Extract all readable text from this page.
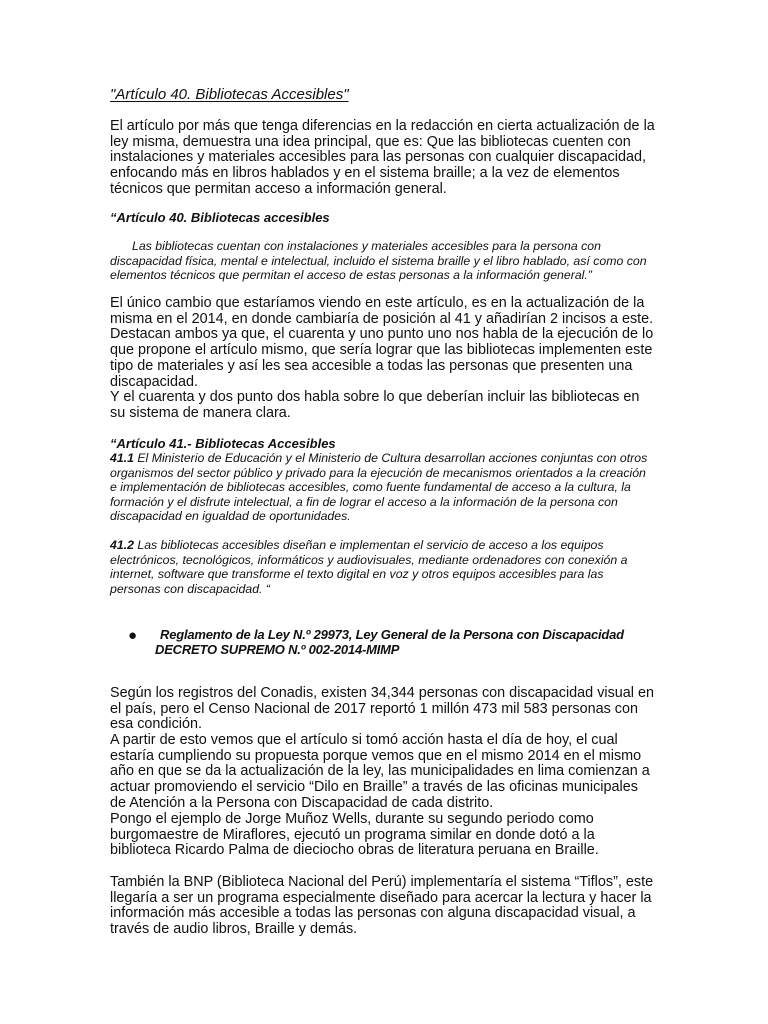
"Artículo 40. Bibliotecas Accesibles"

El artículo por más que tenga diferencias en la redacción en cierta actualización de la ley misma, demuestra una idea principal, que es: Que las bibliotecas cuenten con instalaciones y materiales accesibles para las personas con cualquier discapacidad, enfocando más en libros hablados y en el sistema braille; a la vez de elementos técnicos que permitan acceso a información general.

“Artículo 40. Bibliotecas accesibles

Las bibliotecas cuentan con instalaciones y materiales accesibles para la persona con discapacidad física, mental e intelectual, incluido el sistema braille y el libro hablado, así como con elementos técnicos que permitan el acceso de estas personas a la información general.”

El único cambio que estaríamos viendo en este artículo, es en la actualización de la misma en el 2014, en donde cambiaría de posición al 41 y añadirían 2 incisos a este. Destacan ambos ya que, el cuarenta y uno punto uno nos habla de la ejecución de lo que propone el artículo mismo, que sería lograr que las bibliotecas implementen este tipo de materiales y así les sea accesible a todas las personas que presenten una discapacidad.

Y el cuarenta y dos punto dos habla sobre lo que deberían incluir las bibliotecas en su sistema de manera clara.

“Artículo 41.- Bibliotecas Accesibles

41.1 El Ministerio de Educación y el Ministerio de Cultura desarrollan acciones conjuntas con otros organismos del sector público y privado para la ejecución de mecanismos orientados a la creación e implementación de bibliotecas accesibles, como fuente fundamental de acceso a la cultura, la formación y el disfrute intelectual, a fin de lograr el acceso a la información de la persona con discapacidad en igualdad de oportunidades.

41.2 Las bibliotecas accesibles diseñan e implementan el servicio de acceso a los equipos electrónicos, tecnológicos, informáticos y audiovisuales, mediante ordenadores con conexión a internet, software que transforme el texto digital en voz y otros equipos accesibles para las personas con discapacidad. “

●	Reglamento de la Ley N.º 29973, Ley General de la Persona con Discapacidad
DECRETO SUPREMO N.º 002-2014-MIMP

Según los registros del Conadis, existen 34,344 personas con discapacidad visual en el país, pero el Censo Nacional de 2017 reportó 1 millón 473 mil 583 personas con esa condición.

A partir de esto vemos que el artículo si tomó acción hasta el día de hoy, el cual estaría cumpliendo su propuesta porque vemos que en el mismo 2014 en el mismo año en que se da la actualización de la ley, las municipalidades en lima comienzan a actuar promoviendo el servicio “Dilo en Braille” a través de las oficinas municipales de Atención a la Persona con Discapacidad de cada distrito.

Pongo el ejemplo de Jorge Muñoz Wells, durante su segundo periodo como burgomaestre de Miraflores, ejecutó un programa similar en donde dotó a la biblioteca Ricardo Palma de dieciocho obras de literatura peruana en Braille.

También la BNP (Biblioteca Nacional del Perú) implementaría el sistema “Tiflos”, este llegaría a ser un programa especialmente diseñado para acercar la lectura y hacer la información más accesible a todas las personas con alguna discapacidad visual, a través de audio libros, Braille y demás.
